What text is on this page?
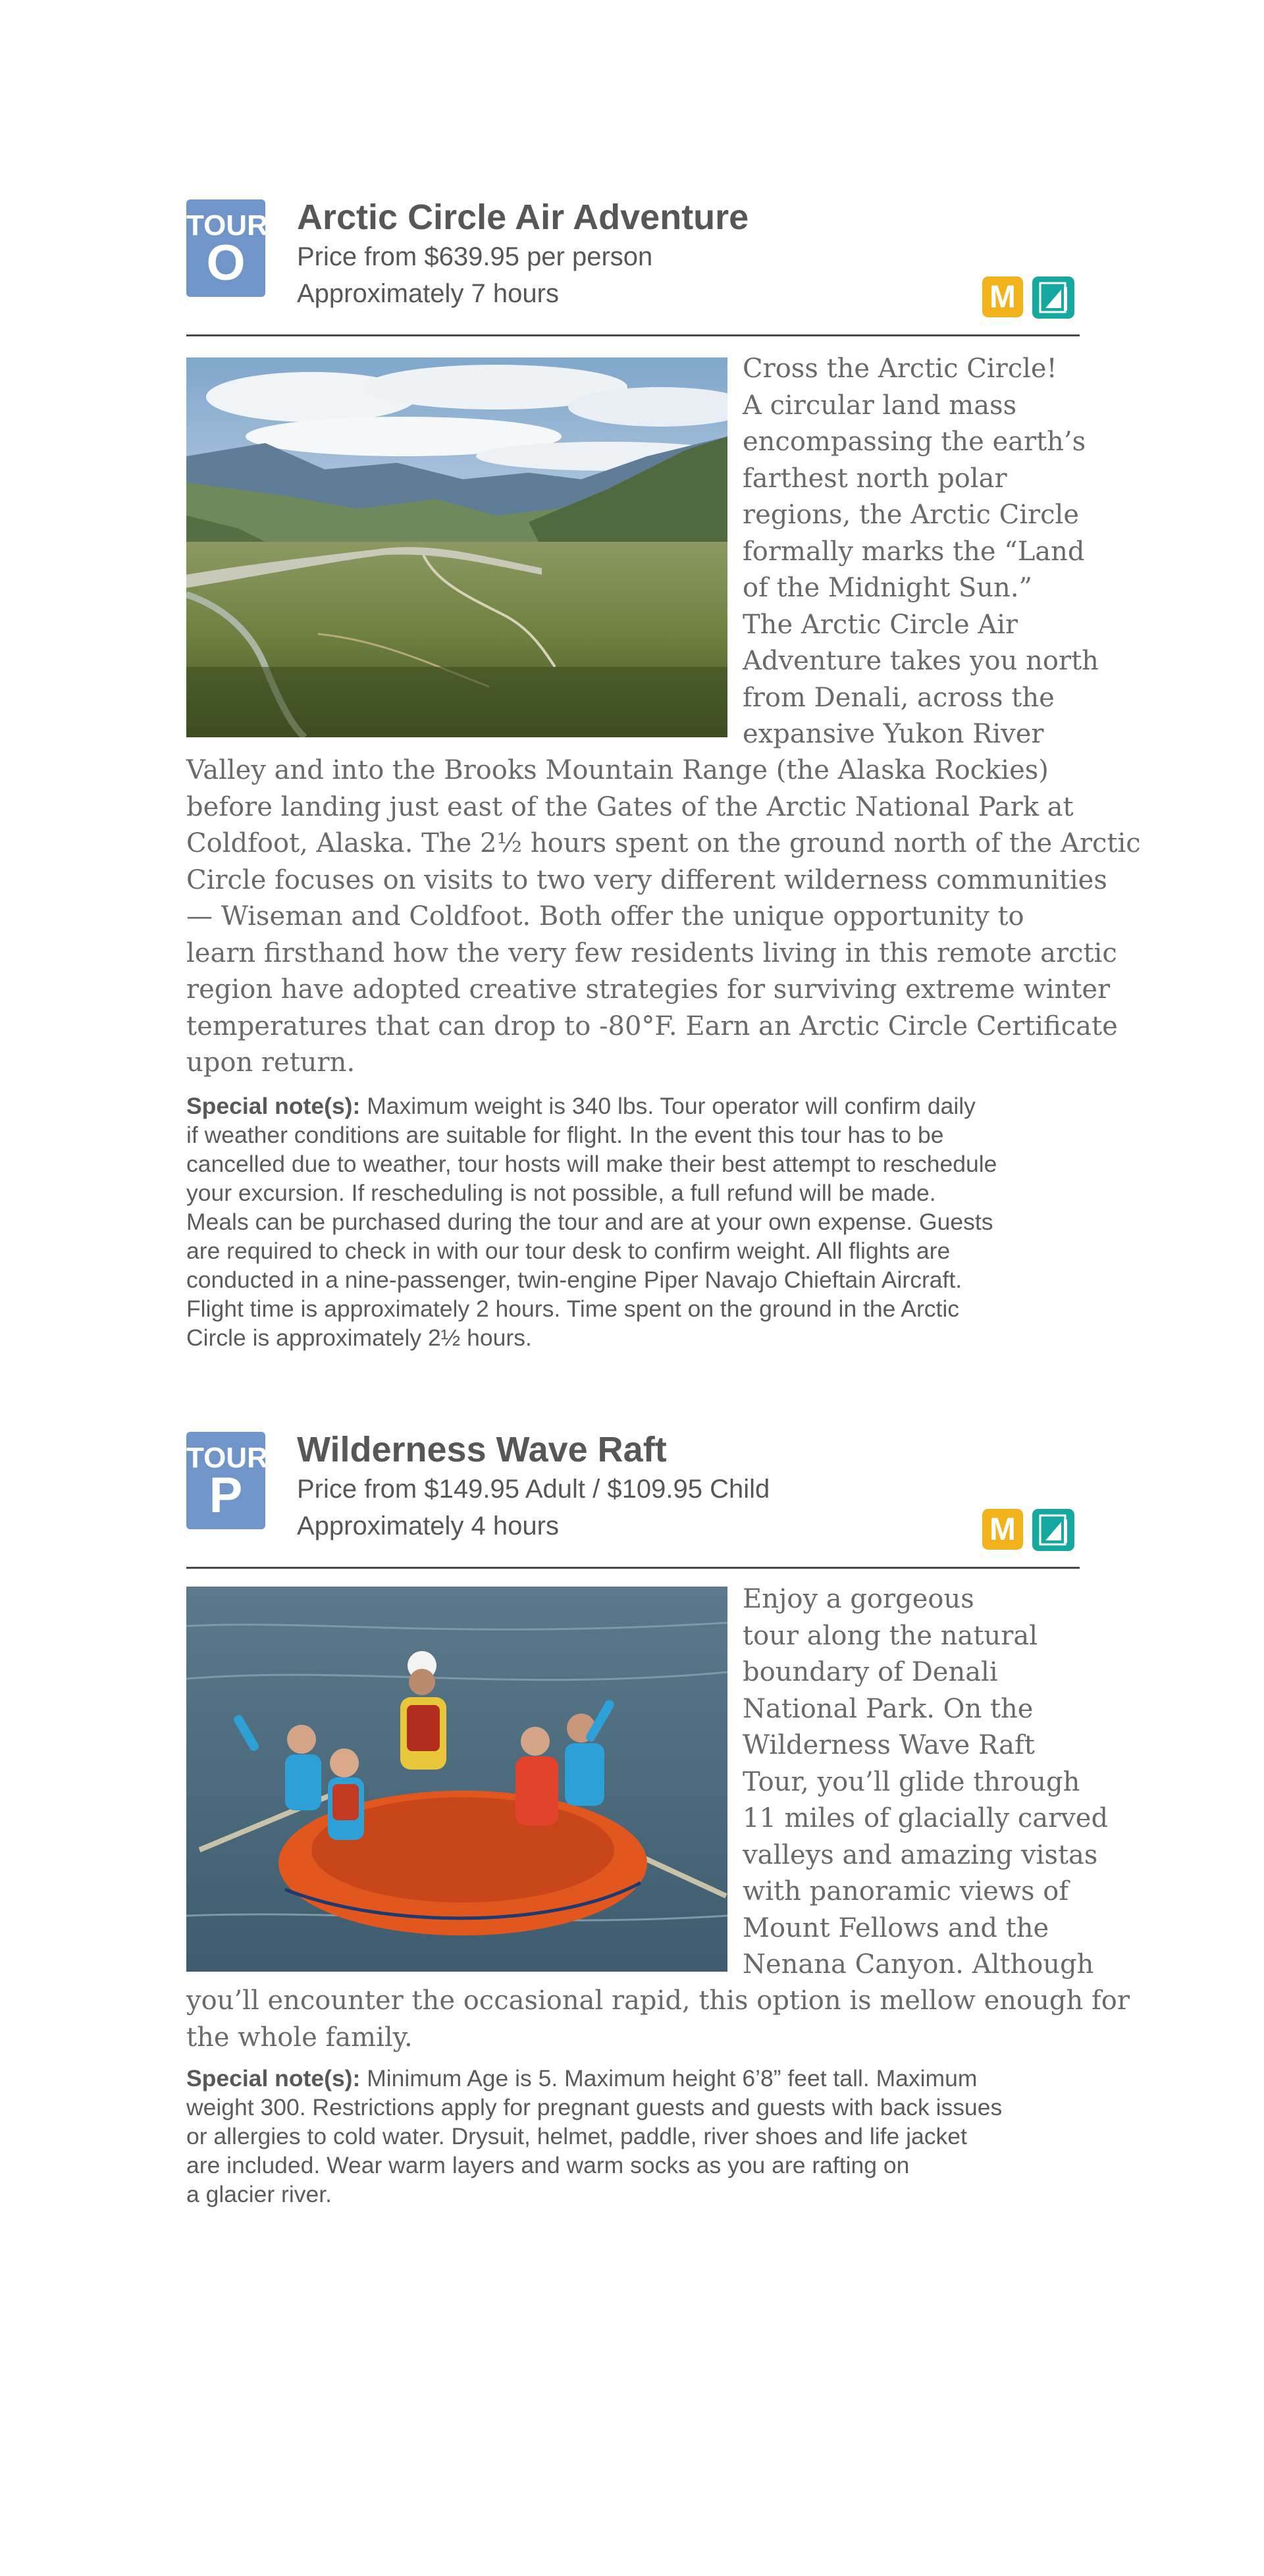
TOUR
O

Arctic Circle Air Adventure

Price from $639.95 per person

Approximately 7 hours	M
Cross the Arctic Circle!
A circular land mass
encompassing the earth’s
farthest north polar
regions, the Arctic Circle
formally marks the “Land
of the Midnight Sun.”
The Arctic Circle Air
Adventure takes you north
from Denali, across the
expansive Yukon River
Valley and into the Brooks Mountain Range (the Alaska Rockies)
before landing just east of the Gates of the Arctic National Park at
Coldfoot, Alaska. The 2½ hours spent on the ground north of the Arctic
Circle focuses on visits to two very different wilderness communities
— Wiseman and Coldfoot. Both offer the unique opportunity to
learn firsthand how the very few residents living in this remote arctic
region have adopted creative strategies for surviving extreme winter
temperatures that can drop to -80°F. Earn an Arctic Circle Certificate
upon return.
Special note(s): Maximum weight is 340 lbs. Tour operator will confirm daily
if weather conditions are suitable for flight. In the event this tour has to be
cancelled due to weather, tour hosts will make their best attempt to reschedule
your excursion. If rescheduling is not possible, a full refund will be made.
Meals can be purchased during the tour and are at your own expense. Guests
are required to check in with our tour desk to confirm weight. All flights are
conducted in a nine-passenger, twin-engine Piper Navajo Chieftain Aircraft.
Flight time is approximately 2 hours. Time spent on the ground in the Arctic
Circle is approximately 2½ hours.
TOUR
P

Wilderness Wave Raft

Price from $149.95 Adult / $109.95 Child

Approximately 4 hours	M
Enjoy a gorgeous
tour along the natural
boundary of Denali
National Park. On the
Wilderness Wave Raft
Tour, you’ll glide through
11 miles of glacially carved
valleys and amazing vistas
with panoramic views of
Mount Fellows and the
Nenana Canyon. Although
you’ll encounter the occasional rapid, this option is mellow enough for
the whole family.
Special note(s): Minimum Age is 5. Maximum height 6’8” feet tall. Maximum
weight 300. Restrictions apply for pregnant guests and guests with back issues
or allergies to cold water. Drysuit, helmet, paddle, river shoes and life jacket
are included. Wear warm layers and warm socks as you are rafting on
a glacier river.
